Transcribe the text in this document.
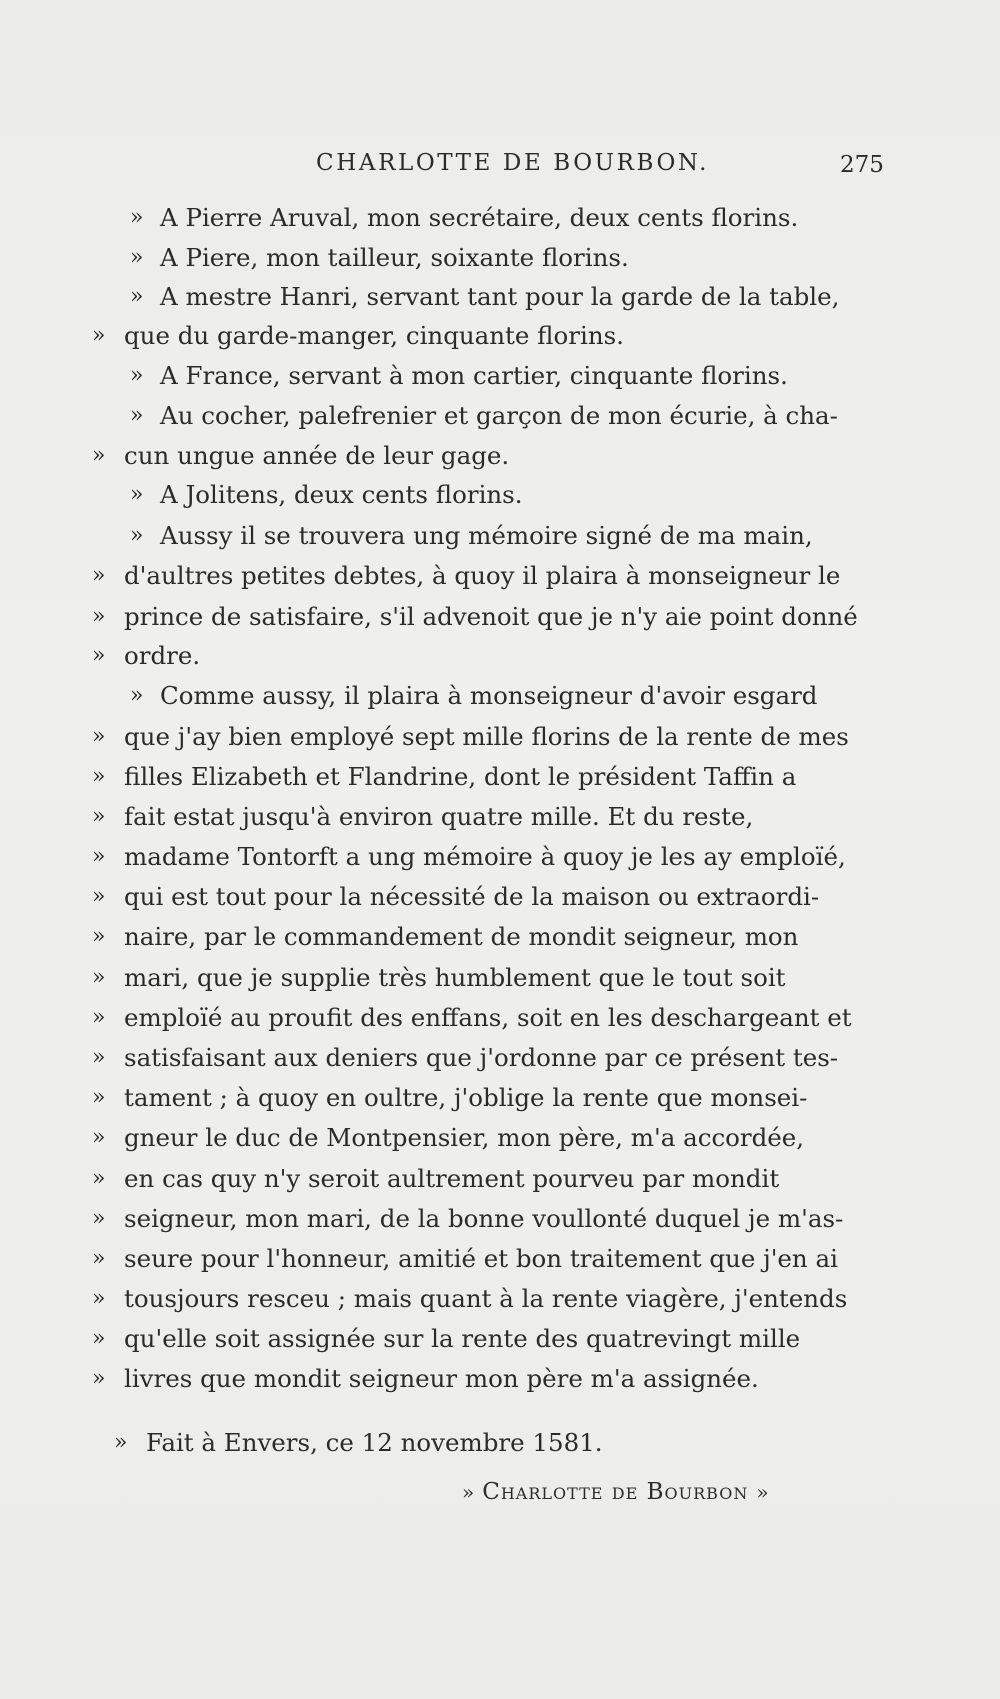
CHARLOTTE DE BOURBON.	275
» A Pierre Aruval, mon secrétaire, deux cents florins.
» A Piere, mon tailleur, soixante florins.
» A mestre Hanri, servant tant pour la garde de la table,
» que du garde-manger, cinquante florins.
» A France, servant à mon cartier, cinquante florins.
» Au cocher, palefrenier et garçon de mon écurie, à cha-
» cun ungue année de leur gage.
» A Jolitens, deux cents florins.
» Aussy il se trouvera ung mémoire signé de ma main,
» d'aultres petites debtes, à quoy il plaira à monseigneur le
» prince de satisfaire, s'il advenoit que je n'y aie point donné
» ordre.
» Comme aussy, il plaira à monseigneur d'avoir esgard
» que j'ay bien employé sept mille florins de la rente de mes
» filles Elizabeth et Flandrine, dont le président Taffin a
» fait estat jusqu'à environ quatre mille. Et du reste,
» madame Tontorft a ung mémoire à quoy je les ay emploïé,
» qui est tout pour la nécessité de la maison ou extraordi-
» naire, par le commandement de mondit seigneur, mon
» mari, que je supplie très humblement que le tout soit
» emploïé au proufit des enffans, soit en les deschargeant et
» satisfaisant aux deniers que j'ordonne par ce présent tes-
» tament ; à quoy en oultre, j'oblige la rente que monsei-
» gneur le duc de Montpensier, mon père, m'a accordée,
» en cas quy n'y seroit aultrement pourveu par mondit
» seigneur, mon mari, de la bonne voullonté duquel je m'as-
» seure pour l'honneur, amitié et bon traitement que j'en ai
» tousjours resceu ; mais quant à la rente viagère, j'entends
» qu'elle soit assignée sur la rente des quatrevingt mille
» livres que mondit seigneur mon père m'a assignée.
» Fait à Envers, ce 12 novembre 1581.
» Charlotte de Bourbon »
